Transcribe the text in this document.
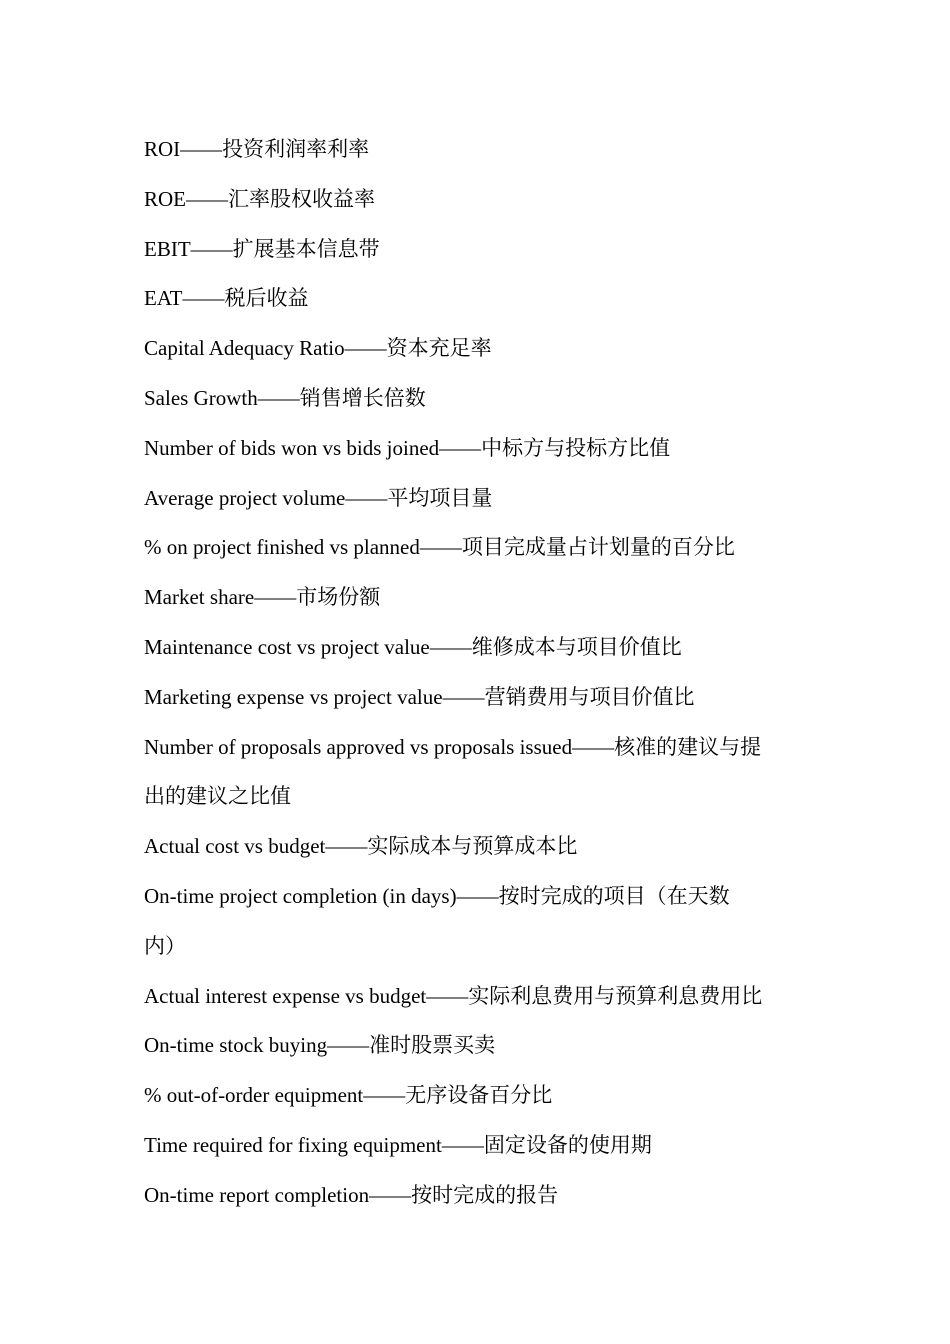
ROI——投资利润率利率

ROE——汇率股权收益率

EBIT——扩展基本信息带

EAT——税后收益

Capital Adequacy Ratio——资本充足率

Sales Growth——销售增长倍数

Number of bids won vs bids joined——中标方与投标方比值

Average project volume——平均项目量

% on project finished vs planned——项目完成量占计划量的百分比

Market share——市场份额

Maintenance cost vs project value——维修成本与项目价值比

Marketing expense vs project value——营销费用与项目价值比

Number of proposals approved vs proposals issued——核准的建议与提

出的建议之比值

Actual cost vs budget——实际成本与预算成本比

On-time project completion (in days)——按时完成的项目（在天数

内）

Actual interest expense vs budget——实际利息费用与预算利息费用比

On-time stock buying——准时股票买卖

% out-of-order equipment——无序设备百分比

Time required for fixing equipment——固定设备的使用期

On-time report completion——按时完成的报告
